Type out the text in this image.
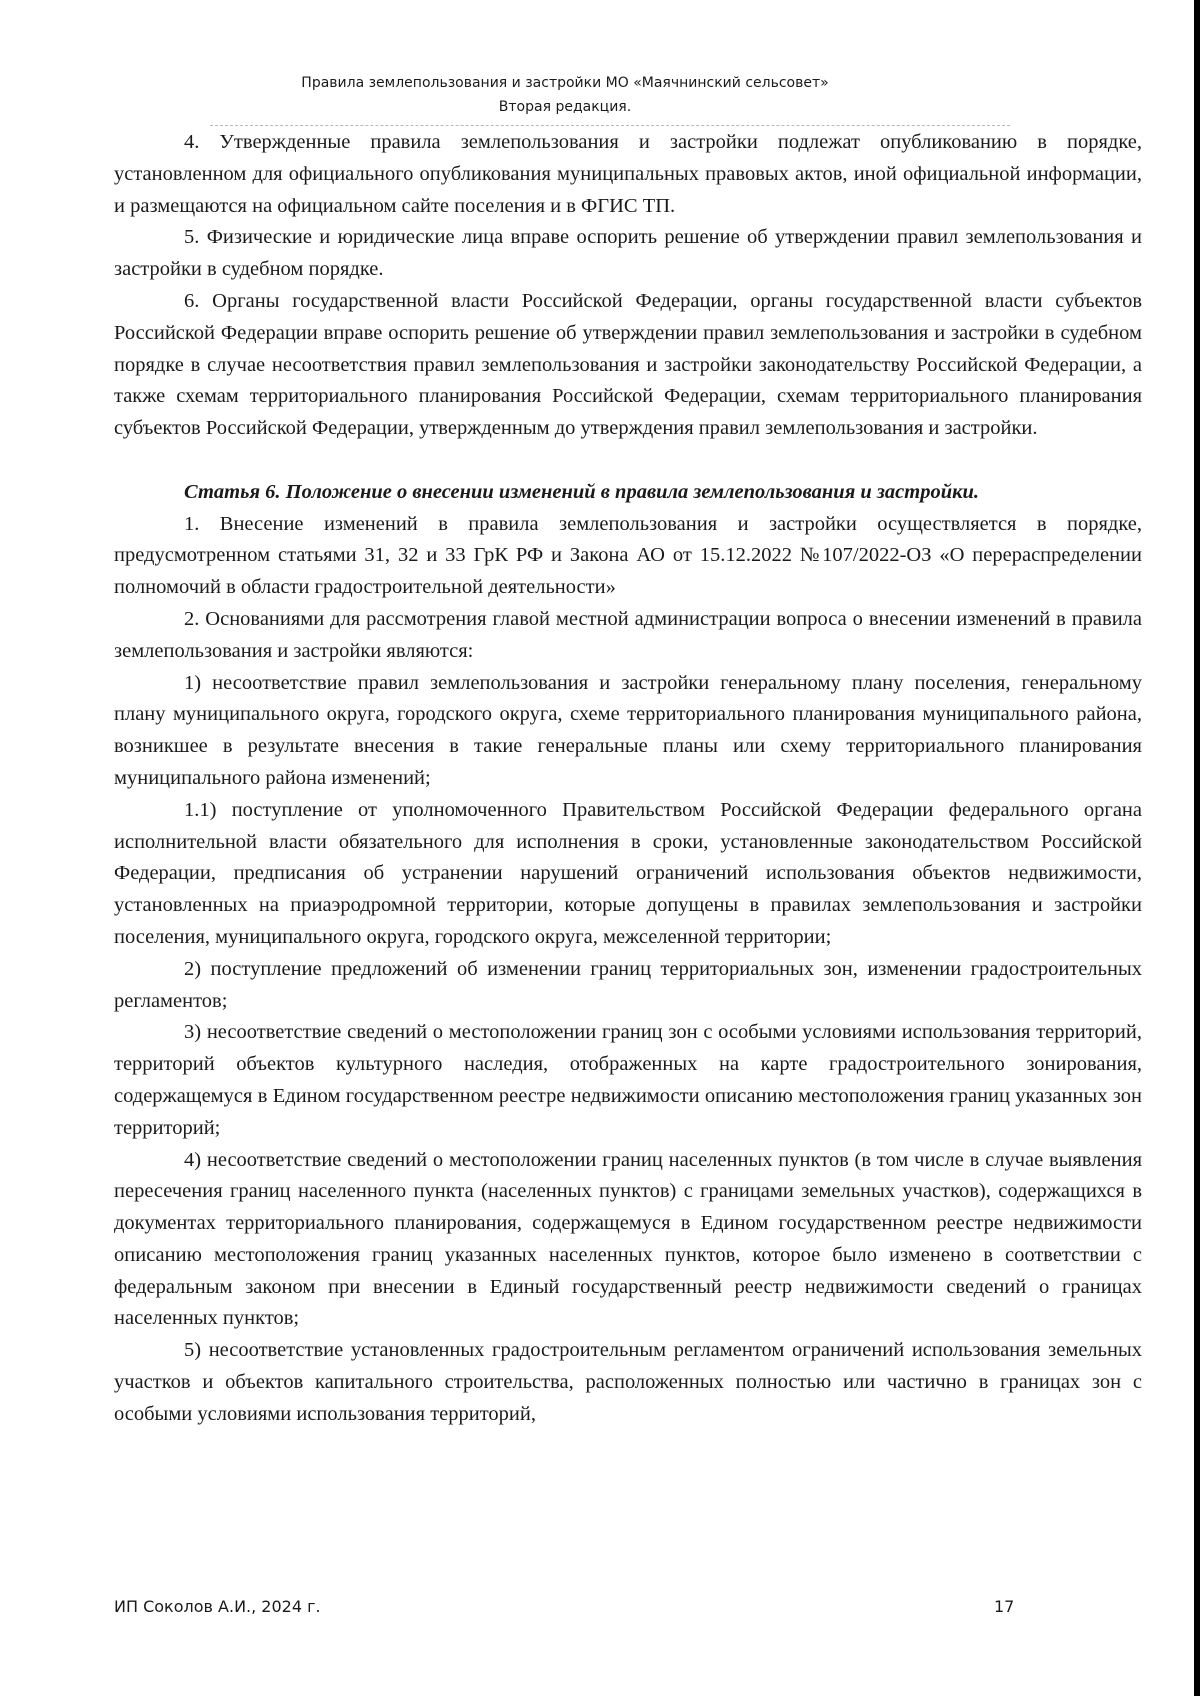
Правила землепользования и застройки МО «Маячнинский сельсовет»
Вторая редакция.

4. Утвержденные правила землепользования и застройки подлежат опубликованию в порядке, установленном для официального опубликования муниципальных правовых актов, иной официальной информации, и размещаются на официальном сайте поселения и в ФГИС ТП.

5. Физические и юридические лица вправе оспорить решение об утверждении правил землепользования и застройки в судебном порядке.

6. Органы государственной власти Российской Федерации, органы государственной власти субъектов Российской Федерации вправе оспорить решение об утверждении правил землепользования и застройки в судебном порядке в случае несоответствия правил землепользования и застройки законодательству Российской Федерации, а также схемам территориального планирования Российской Федерации, схемам территориального планирования субъектов Российской Федерации, утвержденным до утверждения правил землепользования и застройки.

Статья 6. Положение о внесении изменений в правила землепользования и застройки.

1. Внесение изменений в правила землепользования и застройки осуществляется в порядке, предусмотренном статьями 31, 32 и 33 ГрК РФ и Закона АО от 15.12.2022 №107/2022-ОЗ «О перераспределении полномочий в области градостроительной деятельности»

2. Основаниями для рассмотрения главой местной администрации вопроса о внесении изменений в правила землепользования и застройки являются:

1) несоответствие правил землепользования и застройки генеральному плану поселения, генеральному плану муниципального округа, городского округа, схеме территориального планирования муниципального района, возникшее в результате внесения в такие генеральные планы или схему территориального планирования муниципального района изменений;

1.1) поступление от уполномоченного Правительством Российской Федерации федерального органа исполнительной власти обязательного для исполнения в сроки, установленные законодательством Российской Федерации, предписания об устранении нарушений ограничений использования объектов недвижимости, установленных на приаэродромной территории, которые допущены в правилах землепользования и застройки поселения, муниципального округа, городского округа, межселенной территории;

2) поступление предложений об изменении границ территориальных зон, изменении градостроительных регламентов;

3) несоответствие сведений о местоположении границ зон с особыми условиями использования территорий, территорий объектов культурного наследия, отображенных на карте градостроительного зонирования, содержащемуся в Едином государственном реестре недвижимости описанию местоположения границ указанных зон территорий;

4) несоответствие сведений о местоположении границ населенных пунктов (в том числе в случае выявления пересечения границ населенного пункта (населенных пунктов) с границами земельных участков), содержащихся в документах территориального планирования, содержащемуся в Едином государственном реестре недвижимости описанию местоположения границ указанных населенных пунктов, которое было изменено в соответствии с федеральным законом при внесении в Единый государственный реестр недвижимости сведений о границах населенных пунктов;

5) несоответствие установленных градостроительным регламентом ограничений использования земельных участков и объектов капитального строительства, расположенных полностью или частично в границах зон с особыми условиями использования территорий,

ИП Соколов А.И., 2024 г.	17
